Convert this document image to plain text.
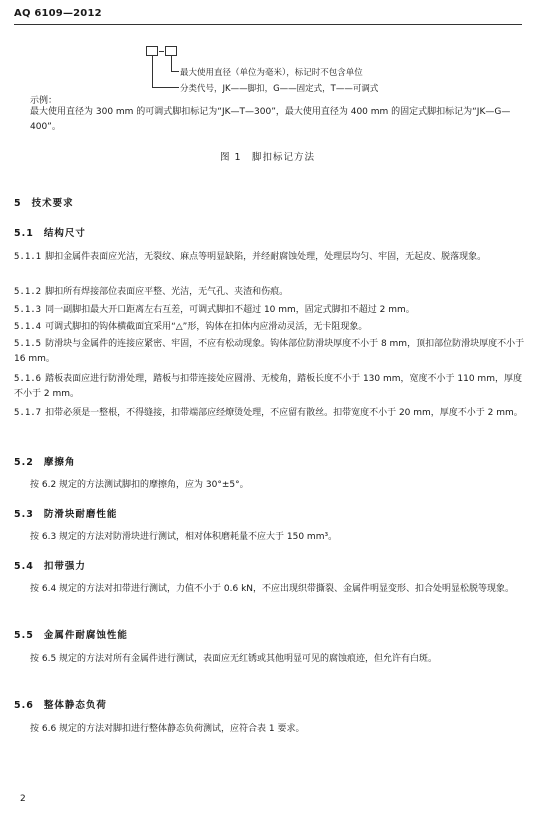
AQ 6109—2012
最大使用直径（单位为毫米），标记时不包含单位
分类代号，JK——脚扣，G——固定式，T——可调式
示例：
最大使用直径为 300 mm 的可调式脚扣标记为“JK—T—300”，最大使用直径为 400 mm 的固定式脚扣标记为“JK—G—400”。
图 1　脚扣标记方法
5 技术要求
5.1 结构尺寸
5.1.1 脚扣金属件表面应光洁，无裂纹、麻点等明显缺陷，并经耐腐蚀处理，处理层均匀、牢固，无起皮、脱落现象。
5.1.2 脚扣所有焊接部位表面应平整、光洁，无气孔、夹渣和伤痕。
5.1.3 同一副脚扣最大开口距离左右互差，可调式脚扣不超过 10 mm，固定式脚扣不超过 2 mm。
5.1.4 可调式脚扣的钩体横截面宜采用“△”形，钩体在扣体内应滑动灵活，无卡阻现象。
5.1.5 防滑块与金属件的连接应紧密、牢固，不应有松动现象。钩体部位防滑块厚度不小于 8 mm，顶扣部位防滑块厚度不小于 16 mm。
5.1.6 踏板表面应进行防滑处理，踏板与扣带连接处应圆滑、无棱角，踏板长度不小于 130 mm，宽度不小于 110 mm，厚度不小于 2 mm。
5.1.7 扣带必须是一整根，不得缝接，扣带端部应经燎烫处理，不应留有散丝。扣带宽度不小于 20 mm，厚度不小于 2 mm。
5.2 摩擦角
按 6.2 规定的方法测试脚扣的摩擦角，应为 30°±5°。
5.3 防滑块耐磨性能
按 6.3 规定的方法对防滑块进行测试，相对体积磨耗量不应大于 150 mm³。
5.4 扣带强力
按 6.4 规定的方法对扣带进行测试，力值不小于 0.6 kN，不应出现织带撕裂、金属件明显变形、扣合处明显松脱等现象。
5.5 金属件耐腐蚀性能
按 6.5 规定的方法对所有金属件进行测试，表面应无红锈或其他明显可见的腐蚀痕迹，但允许有白斑。
5.6 整体静态负荷
按 6.6 规定的方法对脚扣进行整体静态负荷测试，应符合表 1 要求。
2
